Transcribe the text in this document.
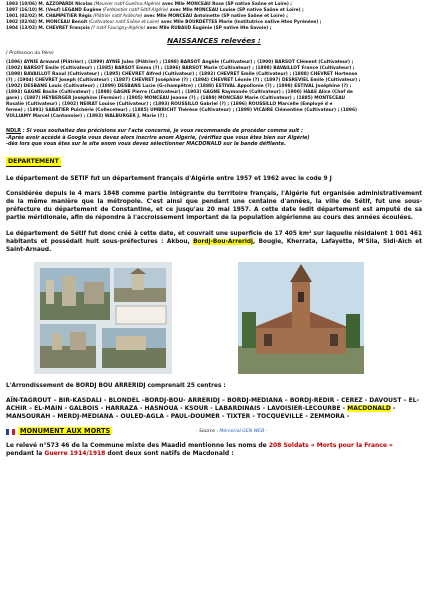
1893 (10/06) M. AZZOPARDI Nicolas (Meunier natif Guelma-Algérie) avec Mlle MONCEAU Rose (SP native Saône et Loire) ;
1897 (16/10) M. (Veuf) LEGAND Eugène (Ferblantier natif Sétif-Algérie) avec Mlle MONCEAU Louise (SP native Saône et Loire) ;
1901 (02/02) M. CHAMPETIER Régis (Plâtrier natif Ardèche) avec Mlle MONCEAU Antoinette (SP native Saône et Loire) ;
1902 (02/04) M. MONCEAU Benoît (Cultivateur natif Saône et Loire) avec Mlle BOURDETTES Marie (Institutrice native Htes Pyrénées) ;
1904 (13/02) M. CHEVRET François (? natif Faucigny-Algérie) avec Mlle RUBAUD Eugénie (SP native Hte Savoie) ;
NAISSANCES relevées :
( Profession du Père)
(1896) AYNIE Armand (Plâtrier) ; (1899) AYNIE Jules (Plâtrier) ; (1898) BARSOT Angèle (Cultivateur) ; (1900) BARSOT Clément (Cultivateur) ;
(1902) BARSOT Emile (Cultivateur) ; (1885) BARSOT Emma (?) ; (1896) BARSOT Marie (Cultivateur) ; (1898) BAVAILLOT France (Cultivateur) ;
(1898) BAVAILLOT Raoul (Cultivateur) ; (1895) CHEVRET Alfred (Cultivateur) ; (1892) CHEVRET Emile (Cultivateur) ; (1888) CHEVRET Hortense
(?) ; (1904) CHEVRET Joseph (Cultivateur) ; (1887) CHEVRET Joséphine (?) ; (1894) CHEVRET Léonie (?) ; (1897) DESREVIEL Emile (Cultivateur) ;
(1902) DESBANS Louis (Cultivateur) ; (1899) DESBANS Lucie (G-champêtre) ; (1888) ESTIVAL Appollonie (?) ; (1898) ESTIVAL Joséphine (?) ;
(1893) GAGNE Basile (Cultivateur) ; (1898) GAGNE Pierre (Cultivateur) ; (1903) GAGNE Raymonde (Cultivateur) ; (1900) HAAS Alice (Chef de
gare) ; (1887) HEYBERGER Joséphine (Fermier) ; (1905) MONCEAU Jeanne (?) ; (1889) MONCEAU Marie (Cultivateur) ; (1885) MONTECEAU
Rosalie (Cultivateur) ; (1902) NEIRAT Louise (Cultivateur) ; (1893) ROUSSILLO Gabriel (?) ; (1896) ROUSSILLO Marcelle (Employé d e
ferme) ; (1891) SABATIER Pulchérie (Colleceteur) ; (1885) UMBRICHT Thérèse (Cultivateur) ; (1899) VICAIRE Clémentine (Cultivateur) ; (1896)
VULLIAMY Marcel (Cantonnier) ; (1893) WALBURGER J. Marie (?) ;
NDLR : Si vous souhaitez des précisions sur l'acte concerné, je vous recommande de procéder comme suit :
-Après avoir accédé à Google vous devez alors inscrire anom Algérie, (vérifiez que vous êtes bien sur Algérie)
-dès lors que vous êtes sur le site anom vous devez sélectionner MACDONALD sur la bande défilante.
DEPARTEMENT
Le département de SETIF fut un département français d'Algérie entre 1957 et 1962 avec le code 9 J
Considérée depuis le 4 mars 1848 comme partie intégrante du territoire français, l'Algérie fut organisée administrativement de la même manière que la métropole. C'est ainsi que pendant une centaine d'années, la ville de Sétif, fut une sous-préfecture du département de Constantine, et ce jusqu'au 20 mai 1957. A cette date ledit département est amputé de sa partie méridionale, afin de répondre à l'accroissement important de la population algérienne au cours des années écoulées.
Le département de Sétif fut donc créé à cette date, et couvrait une superficie de 17 405 km² sur laquelle résidaient 1 001 461 habitants et possédait huit sous-préfectures : Akbou, Bordj-Bou-Arreridj, Bougie, Kherrata, Lafayette, M'Sila, Sidi-Aïch et Saint-Arnaud.
L'Arrondissement de BORDJ BOU ARRERIDJ comprenait 25 centres :
AÏN-TAGROUT – BIR-KASDALI - BLONDEL –BORDJ-BOU- ARRERIDJ – BORDJ-MEDIANA – BORDJ-REDIR - CEREZ - DAVOUST – EL-ACHIR – EL-MAIN - GALBOIS - HARRAZA - HASNOUA - KSOUR - LABARDINAIS - LAVOISIER-LECOURBE - MACDONALD - MANSOURAH – MERDJ-MEDIANA – OULED-AGLA - PAUL-DOUMER - TIXTER - TOCQUEVILLE - ZEMMORA -
MONUMENT AUX MORTS	- Source : Mémorial GEN WEB -
Le relevé n°573 46 de la Commune mixte des Maadid mentionne les noms de 208 Soldats « Morts pour la France »
pendant la Guerre 1914/1918 dont deux sont natifs de Macdonald :
